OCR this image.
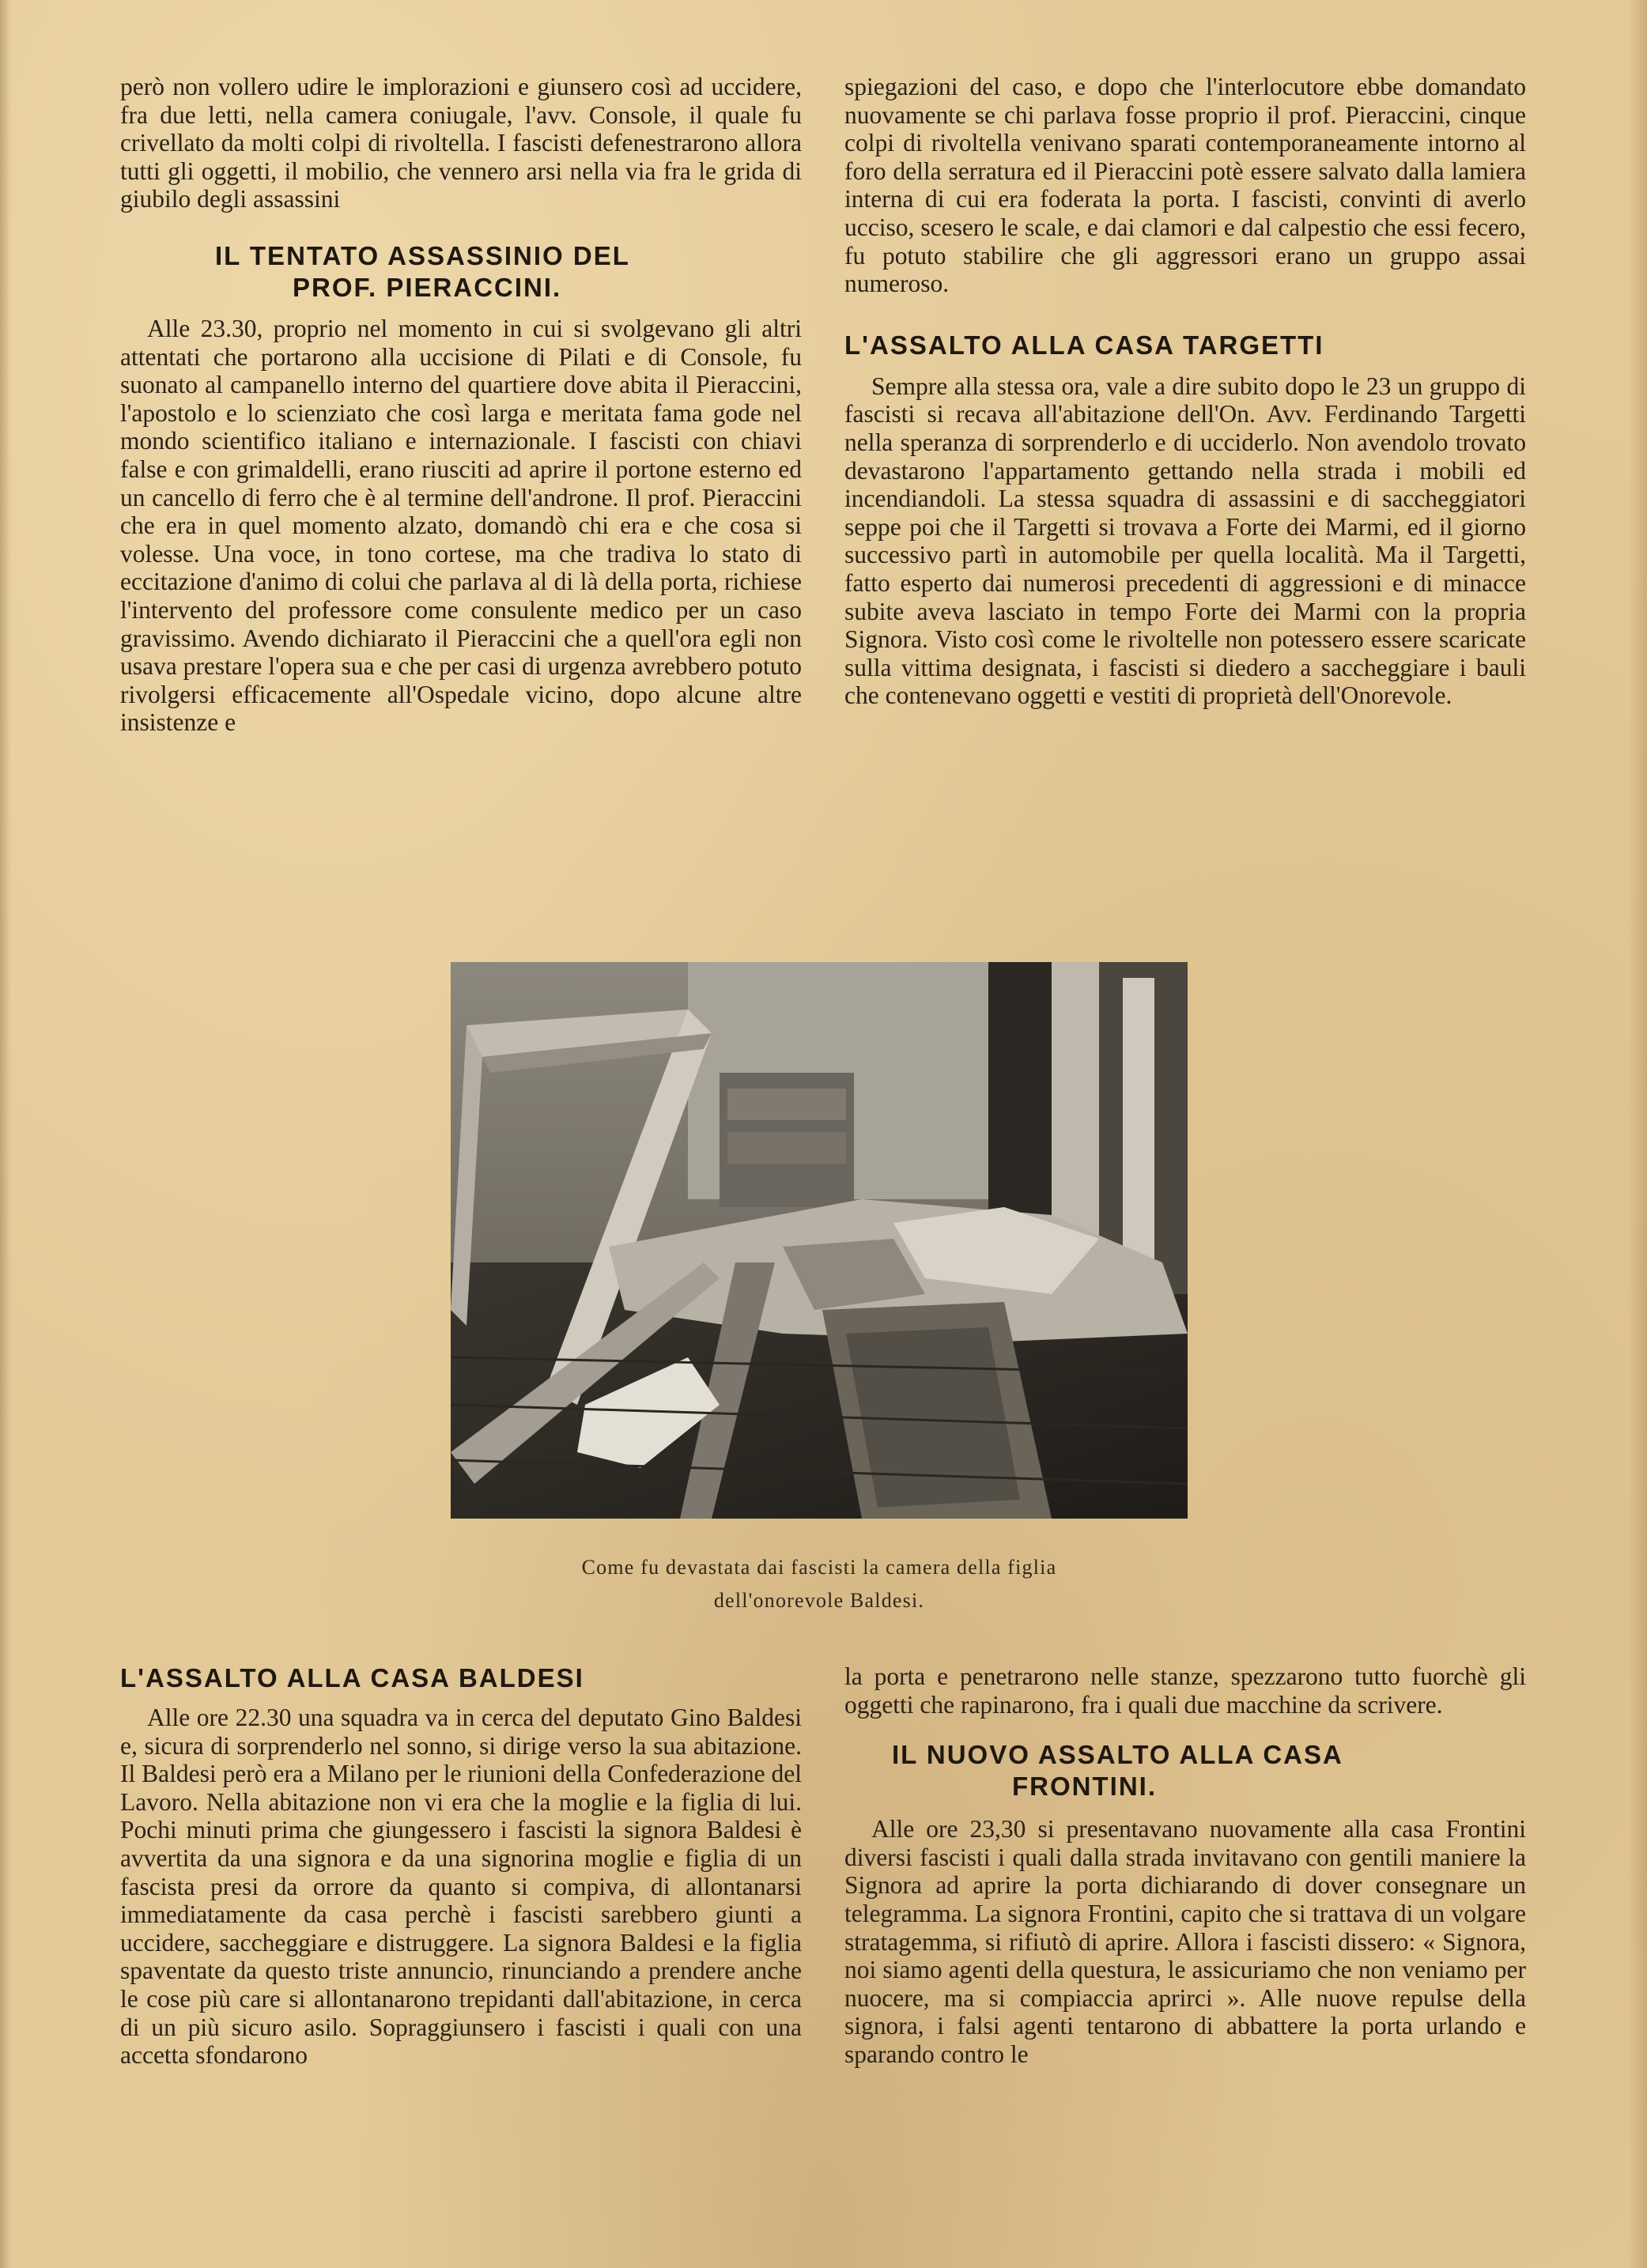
però non vollero udire le implorazioni e giunsero così ad uccidere, fra due letti, nella camera coniugale, l'avv. Console, il quale fu crivellato da molti colpi di rivoltella. I fascisti defenestrarono allora tutti gli oggetti, il mobilio, che vennero arsi nella via fra le grida di giubilo degli assassini

IL TENTATO ASSASSINIO DEL
PROF. PIERACCINI.

Alle 23.30, proprio nel momento in cui si svolgevano gli altri attentati che portarono alla uccisione di Pilati e di Console, fu suonato al campanello interno del quartiere dove abita il Pieraccini, l'apostolo e lo scienziato che così larga e meritata fama gode nel mondo scientifico italiano e internazionale. I fascisti con chiavi false e con grimaldelli, erano riusciti ad aprire il portone esterno ed un cancello di ferro che è al termine dell'androne. Il prof. Pieraccini che era in quel momento alzato, domandò chi era e che cosa si volesse. Una voce, in tono cortese, ma che tradiva lo stato di eccitazione d'animo di colui che parlava al di là della porta, richiese l'intervento del professore come consulente medico per un caso gravissimo. Avendo dichiarato il Pieraccini che a quell'ora egli non usava prestare l'opera sua e che per casi di urgenza avrebbero potuto rivolgersi efficacemente all'Ospedale vicino, dopo alcune altre insistenze e

spiegazioni del caso, e dopo che l'interlocutore ebbe domandato nuovamente se chi parlava fosse proprio il prof. Pieraccini, cinque colpi di rivoltella venivano sparati contemporaneamente intorno al foro della serratura ed il Pieraccini potè essere salvato dalla lamiera interna di cui era foderata la porta. I fascisti, convinti di averlo ucciso, scesero le scale, e dai clamori e dal calpestio che essi fecero, fu potuto stabilire che gli aggressori erano un gruppo assai numeroso.

L'ASSALTO ALLA CASA TARGETTI

Sempre alla stessa ora, vale a dire subito dopo le 23 un gruppo di fascisti si recava all'abitazione dell'On. Avv. Ferdinando Targetti nella speranza di sorprenderlo e di ucciderlo. Non avendolo trovato devastarono l'appartamento gettando nella strada i mobili ed incendiandoli. La stessa squadra di assassini e di saccheggiatori seppe poi che il Targetti si trovava a Forte dei Marmi, ed il giorno successivo partì in automobile per quella località. Ma il Targetti, fatto esperto dai numerosi precedenti di aggressioni e di minacce subite aveva lasciato in tempo Forte dei Marmi con la propria Signora. Visto così come le rivoltelle non potessero essere scaricate sulla vittima designata, i fascisti si diedero a saccheggiare i bauli che contenevano oggetti e vestiti di proprietà dell'Onorevole.

Come fu devastata dai fascisti la camera della figlia
dell'onorevole Baldesi.
L'ASSALTO ALLA CASA BALDESI

Alle ore 22.30 una squadra va in cerca del deputato Gino Baldesi e, sicura di sorprenderlo nel sonno, si dirige verso la sua abitazione. Il Baldesi però era a Milano per le riunioni della Confederazione del Lavoro. Nella abitazione non vi era che la moglie e la figlia di lui. Pochi minuti prima che giungessero i fascisti la signora Baldesi è avvertita da una signora e da una signorina moglie e figlia di un fascista presi da orrore da quanto si compiva, di allontanarsi immediatamente da casa perchè i fascisti sarebbero giunti a uccidere, saccheggiare e distruggere. La signora Baldesi e la figlia spaventate da questo triste annuncio, rinunciando a prendere anche le cose più care si allontanarono trepidanti dall'abitazione, in cerca di un più sicuro asilo. Sopraggiunsero i fascisti i quali con una accetta sfondarono

la porta e penetrarono nelle stanze, spezzarono tutto fuorchè gli oggetti che rapinarono, fra i quali due macchine da scrivere.

IL NUOVO ASSALTO ALLA CASA
FRONTINI.

Alle ore 23,30 si presentavano nuovamente alla casa Frontini diversi fascisti i quali dalla strada invitavano con gentili maniere la Signora ad aprire la porta dichiarando di dover consegnare un telegramma. La signora Frontini, capito che si trattava di un volgare stratagemma, si rifiutò di aprire. Allora i fascisti dissero: « Signora, noi siamo agenti della questura, le assicuriamo che non veniamo per nuocere, ma si compiaccia aprirci ». Alle nuove repulse della signora, i falsi agenti tentarono di abbattere la porta urlando e sparando contro le
